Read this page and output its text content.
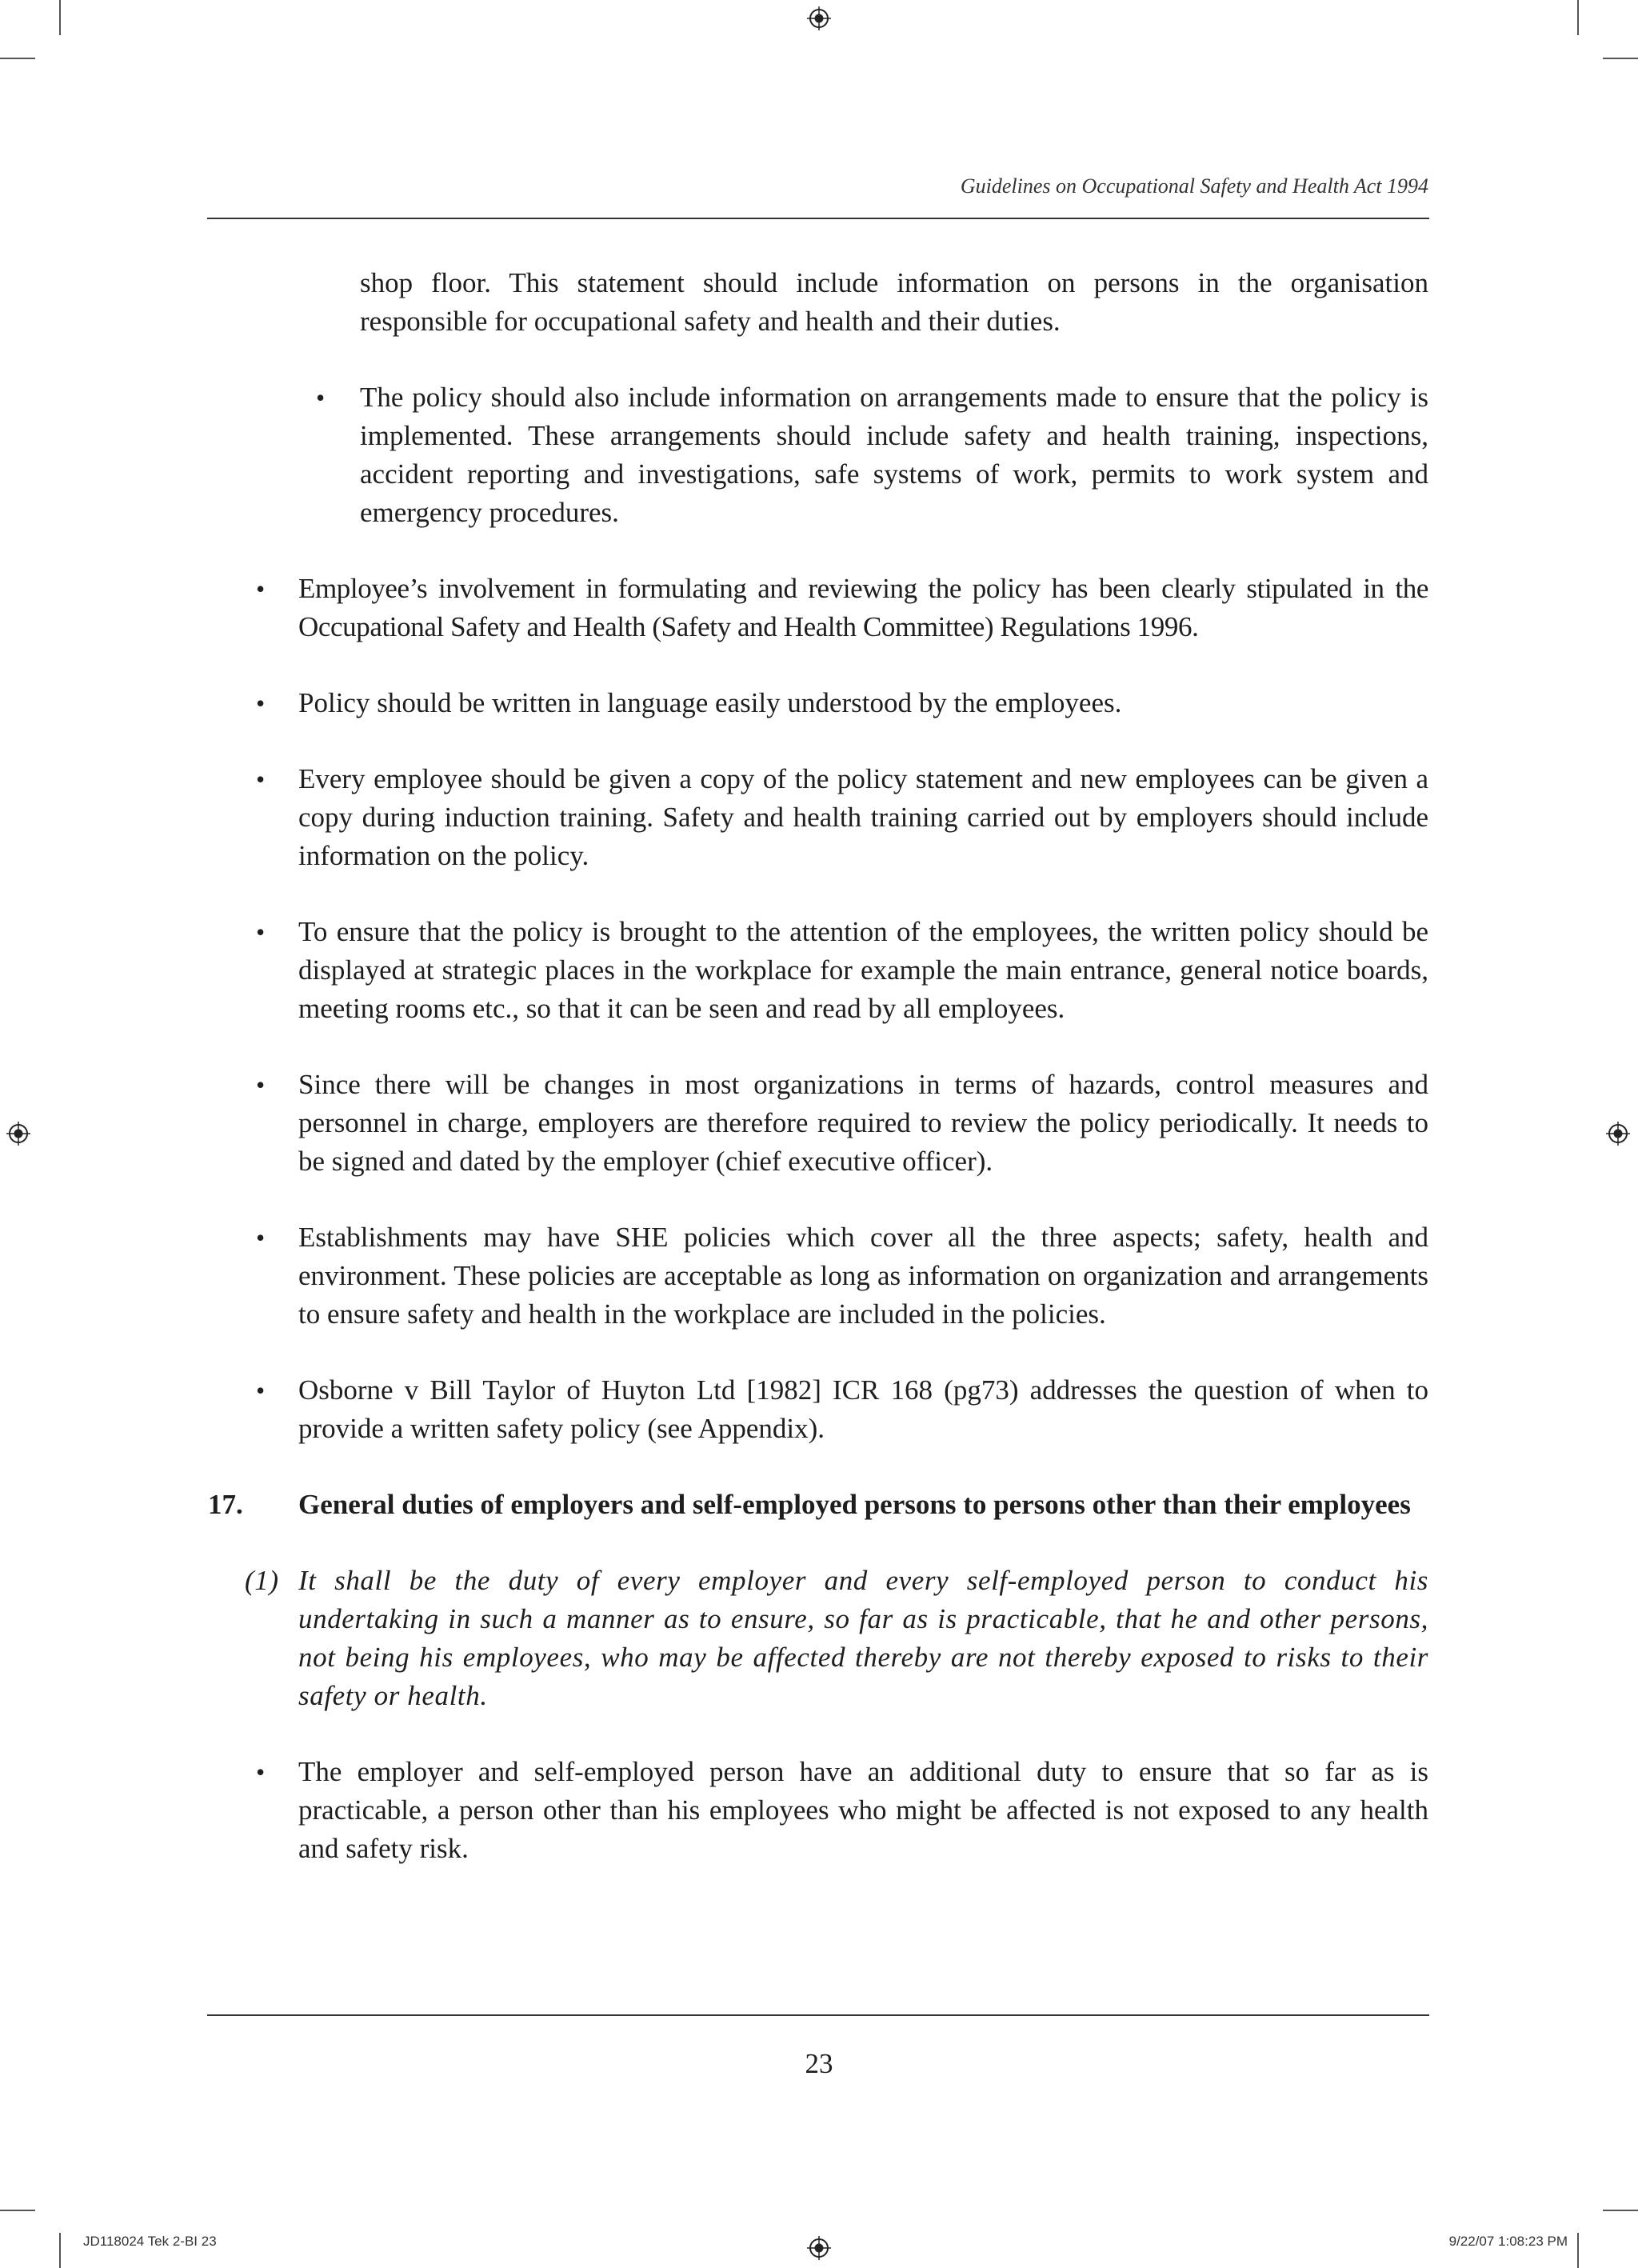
Guidelines on Occupational Safety and Health Act 1994

shop floor. This statement should include information on persons in the organisation responsible for occupational safety and health and their duties.

• The policy should also include information on arrangements made to ensure that the policy is implemented. These arrangements should include safety and health training, inspections, accident reporting and investigations, safe systems of work, permits to work system and emergency procedures.
• Employee’s involvement in formulating and reviewing the policy has been clearly stipulated in the Occupational Safety and Health (Safety and Health Committee) Regulations 1996.
• Policy should be written in language easily understood by the employees.
• Every employee should be given a copy of the policy statement and new employees can be given a copy during induction training. Safety and health training carried out by employers should include information on the policy.
• To ensure that the policy is brought to the attention of the employees, the written policy should be displayed at strategic places in the workplace for example the main entrance, general notice boards, meeting rooms etc., so that it can be seen and read by all employees.
• Since there will be changes in most organizations in terms of hazards, control measures and personnel in charge, employers are therefore required to review the policy periodically. It needs to be signed and dated by the employer (chief executive officer).
• Establishments may have SHE policies which cover all the three aspects; safety, health and environment. These policies are acceptable as long as information on organization and arrangements to ensure safety and health in the workplace are included in the policies.
• Osborne v Bill Taylor of Huyton Ltd [1982] ICR 168 (pg73) addresses the question of when to provide a written safety policy (see Appendix).
17. General duties of employers and self-employed persons to persons other than their employees
(1) It shall be the duty of every employer and every self-employed person to conduct his undertaking in such a manner as to ensure, so far as is practicable, that he and other persons, not being his employees, who may be affected thereby are not thereby exposed to risks to their safety or health.
• The employer and self-employed person have an additional duty to ensure that so far as is practicable, a person other than his employees who might be affected is not exposed to any health and safety risk.
23
JD118024 Tek 2-BI 23	9/22/07 1:08:23 PM
